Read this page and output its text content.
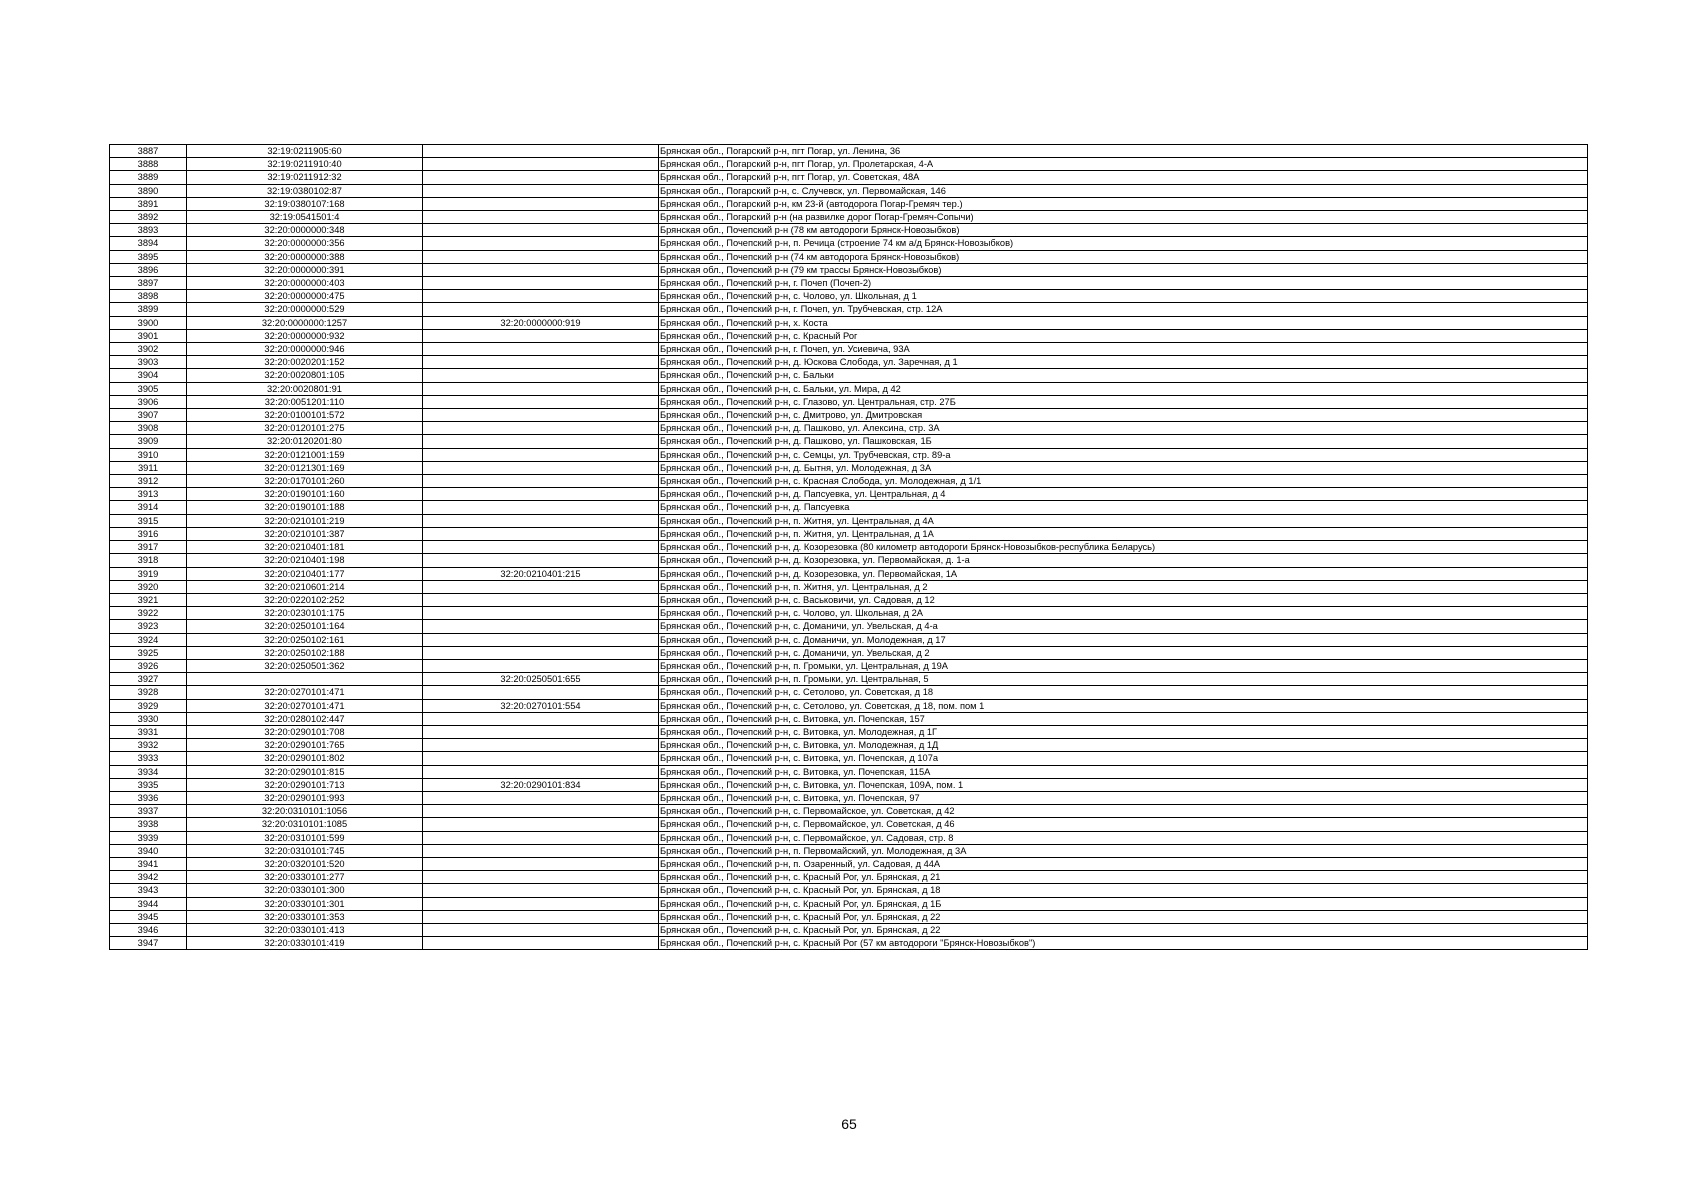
3887	32:19:0211905:60		Брянская обл., Погарский р-н, пгт Погар, ул. Ленина, 36
3888	32:19:0211910:40		Брянская обл., Погарский р-н, пгт Погар, ул. Пролетарская, 4-А
3889	32:19:0211912:32		Брянская обл., Погарский р-н, пгт Погар, ул. Советская, 48А
3890	32:19:0380102:87		Брянская обл., Погарский р-н, с. Случевск, ул. Первомайская, 146
3891	32:19:0380107:168		Брянская обл., Погарский р-н, км 23-й (автодорога Погар-Гремяч тер.)
3892	32:19:0541501:4		Брянская обл., Погарский р-н (на развилке дорог Погар-Гремяч-Сопычи)
3893	32:20:0000000:348		Брянская обл., Почепский р-н (78 км автодороги Брянск-Новозыбков)
3894	32:20:0000000:356		Брянская обл., Почепский р-н, п. Речица (строение 74 км а/д Брянск-Новозыбков)
3895	32:20:0000000:388		Брянская обл., Почепский р-н (74 км автодорога Брянск-Новозыбков)
3896	32:20:0000000:391		Брянская обл., Почепский р-н (79 км трассы Брянск-Новозыбков)
3897	32:20:0000000:403		Брянская обл., Почепский р-н, г. Почеп (Почеп-2)
3898	32:20:0000000:475		Брянская обл., Почепский р-н, с. Чолово, ул. Школьная, д 1
3899	32:20:0000000:529		Брянская обл., Почепский р-н, г. Почеп, ул. Трубчевская, стр. 12А
3900	32:20:0000000:1257	32:20:0000000:919	Брянская обл., Почепский р-н, х. Коста
3901	32:20:0000000:932		Брянская обл., Почепский р-н, с. Красный Рог
3902	32:20:0000000:946		Брянская обл., Почепский р-н, г. Почеп, ул. Усиевича, 93А
3903	32:20:0020201:152		Брянская обл., Почепский р-н, д. Юскова Слобода, ул. Заречная, д 1
3904	32:20:0020801:105		Брянская обл., Почепский р-н, с. Бальки
3905	32:20:0020801:91		Брянская обл., Почепский р-н, с. Бальки, ул. Мира, д 42
3906	32:20:0051201:110		Брянская обл., Почепский р-н, с. Глазово, ул. Центральная, стр. 27Б
3907	32:20:0100101:572		Брянская обл., Почепский р-н, с. Дмитрово, ул. Дмитровская
3908	32:20:0120101:275		Брянская обл., Почепский р-н, д. Пашково, ул. Алексина, стр. 3А
3909	32:20:0120201:80		Брянская обл., Почепский р-н, д. Пашково, ул. Пашковская, 1Б
3910	32:20:0121001:159		Брянская обл., Почепский р-н, с. Семцы, ул. Трубчевская, стр. 89-а
3911	32:20:0121301:169		Брянская обл., Почепский р-н, д. Бытня, ул. Молодежная, д 3А
3912	32:20:0170101:260		Брянская обл., Почепский р-н, с. Красная Слобода, ул. Молодежная, д 1/1
3913	32:20:0190101:160		Брянская обл., Почепский р-н, д. Папсуевка, ул. Центральная, д 4
3914	32:20:0190101:188		Брянская обл., Почепский р-н, д. Папсуевка
3915	32:20:0210101:219		Брянская обл., Почепский р-н, п. Житня, ул. Центральная, д 4А
3916	32:20:0210101:387		Брянская обл., Почепский р-н, п. Житня, ул. Центральная, д 1А
3917	32:20:0210401:181		Брянская обл., Почепский р-н, д. Козорезовка (80 километр автодороги Брянск-Новозыбков-республика Беларусь)
3918	32:20:0210401:198		Брянская обл., Почепский р-н, д. Козорезовка, ул. Первомайская, д. 1-а
3919	32:20:0210401:177	32:20:0210401:215	Брянская обл., Почепский р-н, д. Козорезовка, ул. Первомайская, 1А
3920	32:20:0210601:214		Брянская обл., Почепский р-н, п. Житня, ул. Центральная, д 2
3921	32:20:0220102:252		Брянская обл., Почепский р-н, с. Васьковичи, ул. Садовая, д 12
3922	32:20:0230101:175		Брянская обл., Почепский р-н, с. Чолово, ул. Школьная, д 2А
3923	32:20:0250101:164		Брянская обл., Почепский р-н, с. Доманичи, ул. Увельская, д 4-а
3924	32:20:0250102:161		Брянская обл., Почепский р-н, с. Доманичи, ул. Молодежная, д 17
3925	32:20:0250102:188		Брянская обл., Почепский р-н, с. Доманичи, ул. Увельская, д 2
3926	32:20:0250501:362		Брянская обл., Почепский р-н, п. Громыки, ул. Центральная, д 19А
3927		32:20:0250501:655	Брянская обл., Почепский р-н, п. Громыки, ул. Центральная, 5
3928	32:20:0270101:471		Брянская обл., Почепский р-н, с. Сетолово, ул. Советская, д 18
3929	32:20:0270101:471	32:20:0270101:554	Брянская обл., Почепский р-н, с. Сетолово, ул. Советская, д 18, пом. пом 1
3930	32:20:0280102:447		Брянская обл., Почепский р-н, с. Витовка, ул. Почепская, 157
3931	32:20:0290101:708		Брянская обл., Почепский р-н, с. Витовка, ул. Молодежная, д 1Г
3932	32:20:0290101:765		Брянская обл., Почепский р-н, с. Витовка, ул. Молодежная, д 1Д
3933	32:20:0290101:802		Брянская обл., Почепский р-н, с. Витовка, ул. Почепская, д 107а
3934	32:20:0290101:815		Брянская обл., Почепский р-н, с. Витовка, ул. Почепская, 115А
3935	32:20:0290101:713	32:20:0290101:834	Брянская обл., Почепский р-н, с. Витовка, ул. Почепская, 109А, пом. 1
3936	32:20:0290101:993		Брянская обл., Почепский р-н, с. Витовка, ул. Почепская, 97
3937	32:20:0310101:1056		Брянская обл., Почепский р-н, с. Первомайское, ул. Советская, д 42
3938	32:20:0310101:1085		Брянская обл., Почепский р-н, с. Первомайское, ул. Советская, д 46
3939	32:20:0310101:599		Брянская обл., Почепский р-н, с. Первомайское, ул. Садовая, стр. 8
3940	32:20:0310101:745		Брянская обл., Почепский р-н, п. Первомайский, ул. Молодежная, д 3А
3941	32:20:0320101:520		Брянская обл., Почепский р-н, п. Озаренный, ул. Садовая, д 44А
3942	32:20:0330101:277		Брянская обл., Почепский р-н, с. Красный Рог, ул. Брянская, д 21
3943	32:20:0330101:300		Брянская обл., Почепский р-н, с. Красный Рог, ул. Брянская, д 18
3944	32:20:0330101:301		Брянская обл., Почепский р-н, с. Красный Рог, ул. Брянская, д 1Б
3945	32:20:0330101:353		Брянская обл., Почепский р-н, с. Красный Рог, ул. Брянская, д 22
3946	32:20:0330101:413		Брянская обл., Почепский р-н, с. Красный Рог, ул. Брянская, д 22
3947	32:20:0330101:419		Брянская обл., Почепский р-н, с. Красный Рог (57 км автодороги "Брянск-Новозыбков")
65
